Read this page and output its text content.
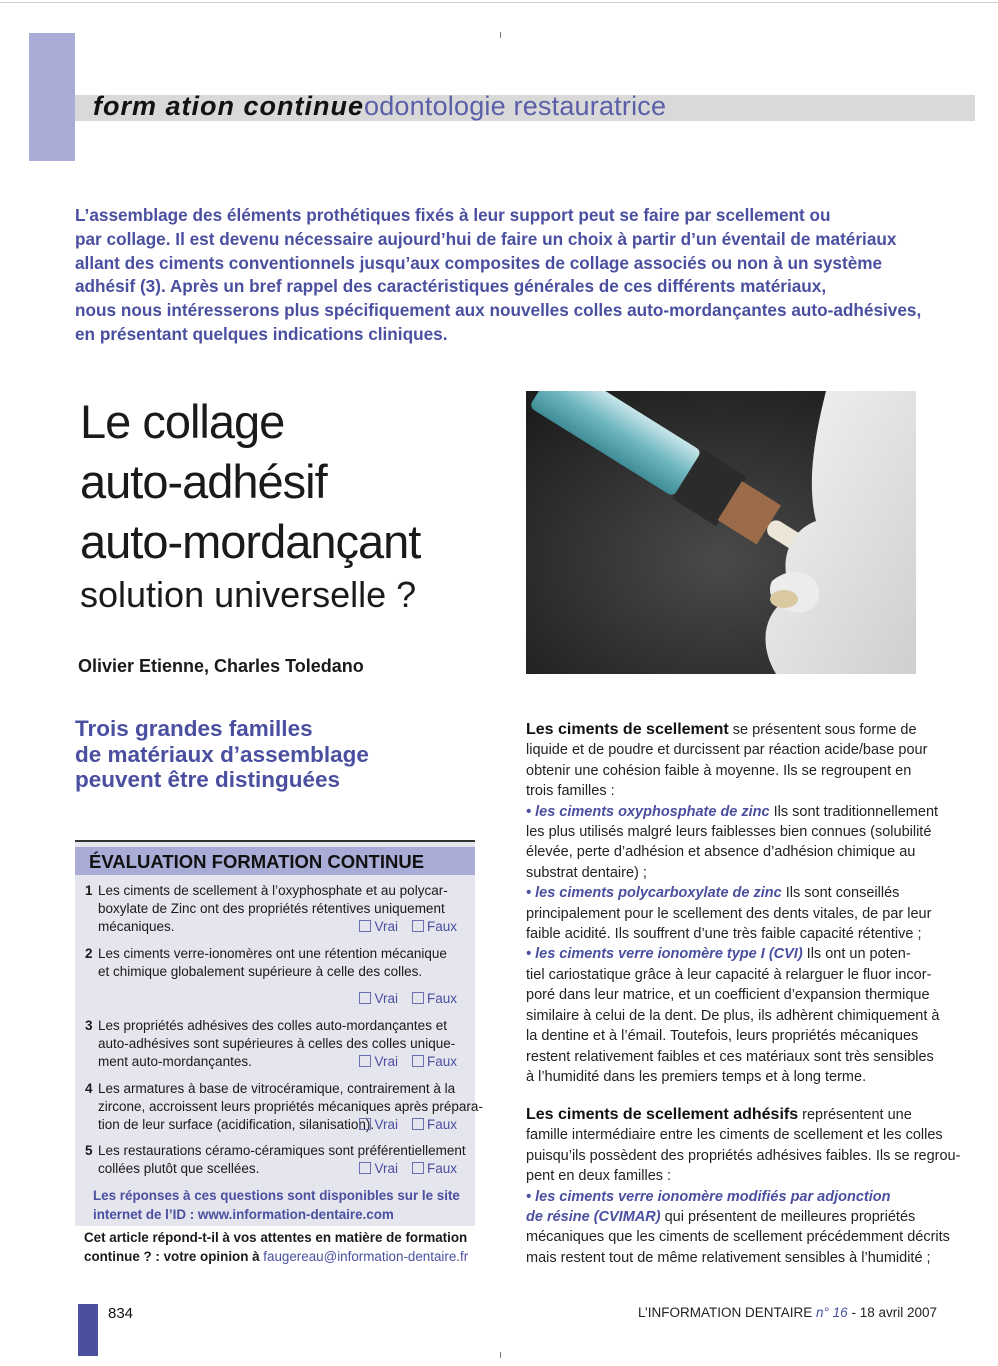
form ation continueodontologie restauratrice

L’assemblage des éléments prothétiques fixés à leur support peut se faire par scellement ou

par collage. Il est devenu nécessaire aujourd’hui de faire un choix à partir d’un éventail de matériaux

allant des ciments conventionnels jusqu’aux composites de collage associés ou non à un système

adhésif (3). Après un bref rappel des caractéristiques générales de ces différents matériaux,

nous nous intéresserons plus spécifiquement aux nouvelles colles auto-mordançantes auto-adhésives,

en présentant quelques indications cliniques.

Le collage
auto-adhésif
auto-mordançant
solution universelle ?
Olivier Etienne, Charles Toledano

Trois grandes familles

de matériaux d’assemblage

peuvent être distinguées

ÉVALUATION FORMATION CONTINUE
1 Les ciments de scellement à l’oxyphosphate et au polycar-

boxylate de Zinc ont des propriétés rétentives uniquement

mécaniques.	Vrai Faux
2 Les ciments verre-ionomères ont une rétention mécanique

et chimique globalement supérieure à celle des colles.

Vrai Faux
3 Les propriétés adhésives des colles auto-mordançantes et

auto-adhésives sont supérieures à celles des colles unique-

ment auto-mordançantes.	Vrai Faux
4 Les armatures à base de vitrocéramique, contrairement à la

zircone, accroissent leurs propriétés mécaniques après prépara-

tion de leur surface (acidification, silanisation). Vrai Faux
5 Les restaurations céramo-céramiques sont préférentiellement

collées plutôt que scellées.	Vrai Faux

Les réponses à ces questions sont disponibles sur le site

internet de l’ID : www.information-dentaire.com

Cet article répond-t-il à vos attentes en matière de formation

continue ? : votre opinion à faugereau@information-dentaire.fr

Les ciments de scellement se présentent sous forme de

liquide et de poudre et durcissent par réaction acide/base pour

obtenir une cohésion faible à moyenne. Ils se regroupent en

trois familles :

• les ciments oxyphosphate de zinc Ils sont traditionnellement

les plus utilisés malgré leurs faiblesses bien connues (solubilité

élevée, perte d’adhésion et absence d’adhésion chimique au

substrat dentaire) ;

• les ciments polycarboxylate de zinc Ils sont conseillés

principalement pour le scellement des dents vitales, de par leur

faible acidité. Ils souffrent d’une très faible capacité rétentive ;

• les ciments verre ionomère type I (CVI) Ils ont un poten-

tiel cariostatique grâce à leur capacité à relarguer le fluor incor-

poré dans leur matrice, et un coefficient d’expansion thermique

similaire à celui de la dent. De plus, ils adhèrent chimiquement à

la dentine et à l’émail. Toutefois, leurs propriétés mécaniques

restent relativement faibles et ces matériaux sont très sensibles

à l’humidité dans les premiers temps et à long terme.

Les ciments de scellement adhésifs représentent une

famille intermédiaire entre les ciments de scellement et les colles

puisqu’ils possèdent des propriétés adhésives faibles. Ils se regrou-

pent en deux familles :

• les ciments verre ionomère modifiés par adjonction

de résine (CVIMAR) qui présentent de meilleures propriétés

mécaniques que les ciments de scellement précédemment décrits

mais restent tout de même relativement sensibles à l’humidité ;

834	L’INFORMATION DENTAIRE n° 16 - 18 avril 2007
